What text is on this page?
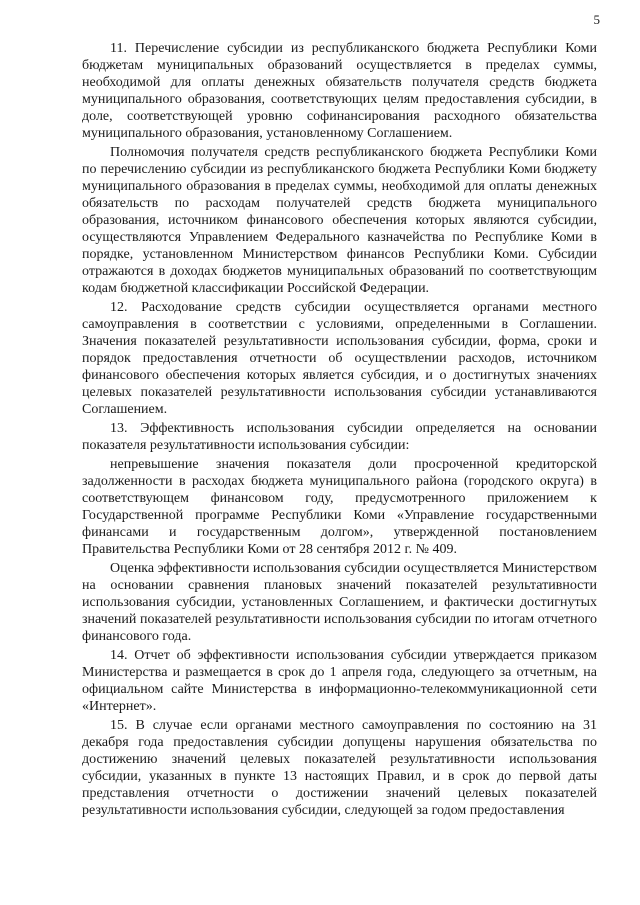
5

11. Перечисление субсидии из республиканского бюджета Республики Коми бюджетам муниципальных образований осуществляется в пределах суммы, необходимой для оплаты денежных обязательств получателя средств бюджета муниципального образования, соответствующих целям предоставления субсидии, в доле, соответствующей уровню софинансирования расходного обязательства муниципального образования, установленному Соглашением.

Полномочия получателя средств республиканского бюджета Республики Коми по перечислению субсидии из республиканского бюджета Республики Коми бюджету муниципального образования в пределах суммы, необходимой для оплаты денежных обязательств по расходам получателей средств бюджета муниципального образования, источником финансового обеспечения которых являются субсидии, осуществляются Управлением Федерального казначейства по Республике Коми в порядке, установленном Министерством финансов Республики Коми. Субсидии отражаются в доходах бюджетов муниципальных образований по соответствующим кодам бюджетной классификации Российской Федерации.

12. Расходование средств субсидии осуществляется органами местного самоуправления в соответствии с условиями, определенными в Соглашении. Значения показателей результативности использования субсидии, форма, сроки и порядок предоставления отчетности об осуществлении расходов, источником финансового обеспечения которых является субсидия, и о достигнутых значениях целевых показателей результативности использования субсидии устанавливаются Соглашением.

13. Эффективность использования субсидии определяется на основании показателя результативности использования субсидии:

непревышение значения показателя доли просроченной кредиторской задолженности в расходах бюджета муниципального района (городского округа) в соответствующем финансовом году, предусмотренного приложением к Государственной программе Республики Коми «Управление государственными финансами и государственным долгом», утвержденной постановлением Правительства Республики Коми от 28 сентября 2012 г. № 409.

Оценка эффективности использования субсидии осуществляется Министерством на основании сравнения плановых значений показателей результативности использования субсидии, установленных Соглашением, и фактически достигнутых значений показателей результативности использования субсидии по итогам отчетного финансового года.

14. Отчет об эффективности использования субсидии утверждается приказом Министерства и размещается в срок до 1 апреля года, следующего за отчетным, на официальном сайте Министерства в информационно-телекоммуникационной сети «Интернет».

15. В случае если органами местного самоуправления по состоянию на 31 декабря года предоставления субсидии допущены нарушения обязательства по достижению значений целевых показателей результативности использования субсидии, указанных в пункте 13 настоящих Правил, и в срок до первой даты представления отчетности о достижении значений целевых показателей результативности использования субсидии, следующей за годом предоставления
